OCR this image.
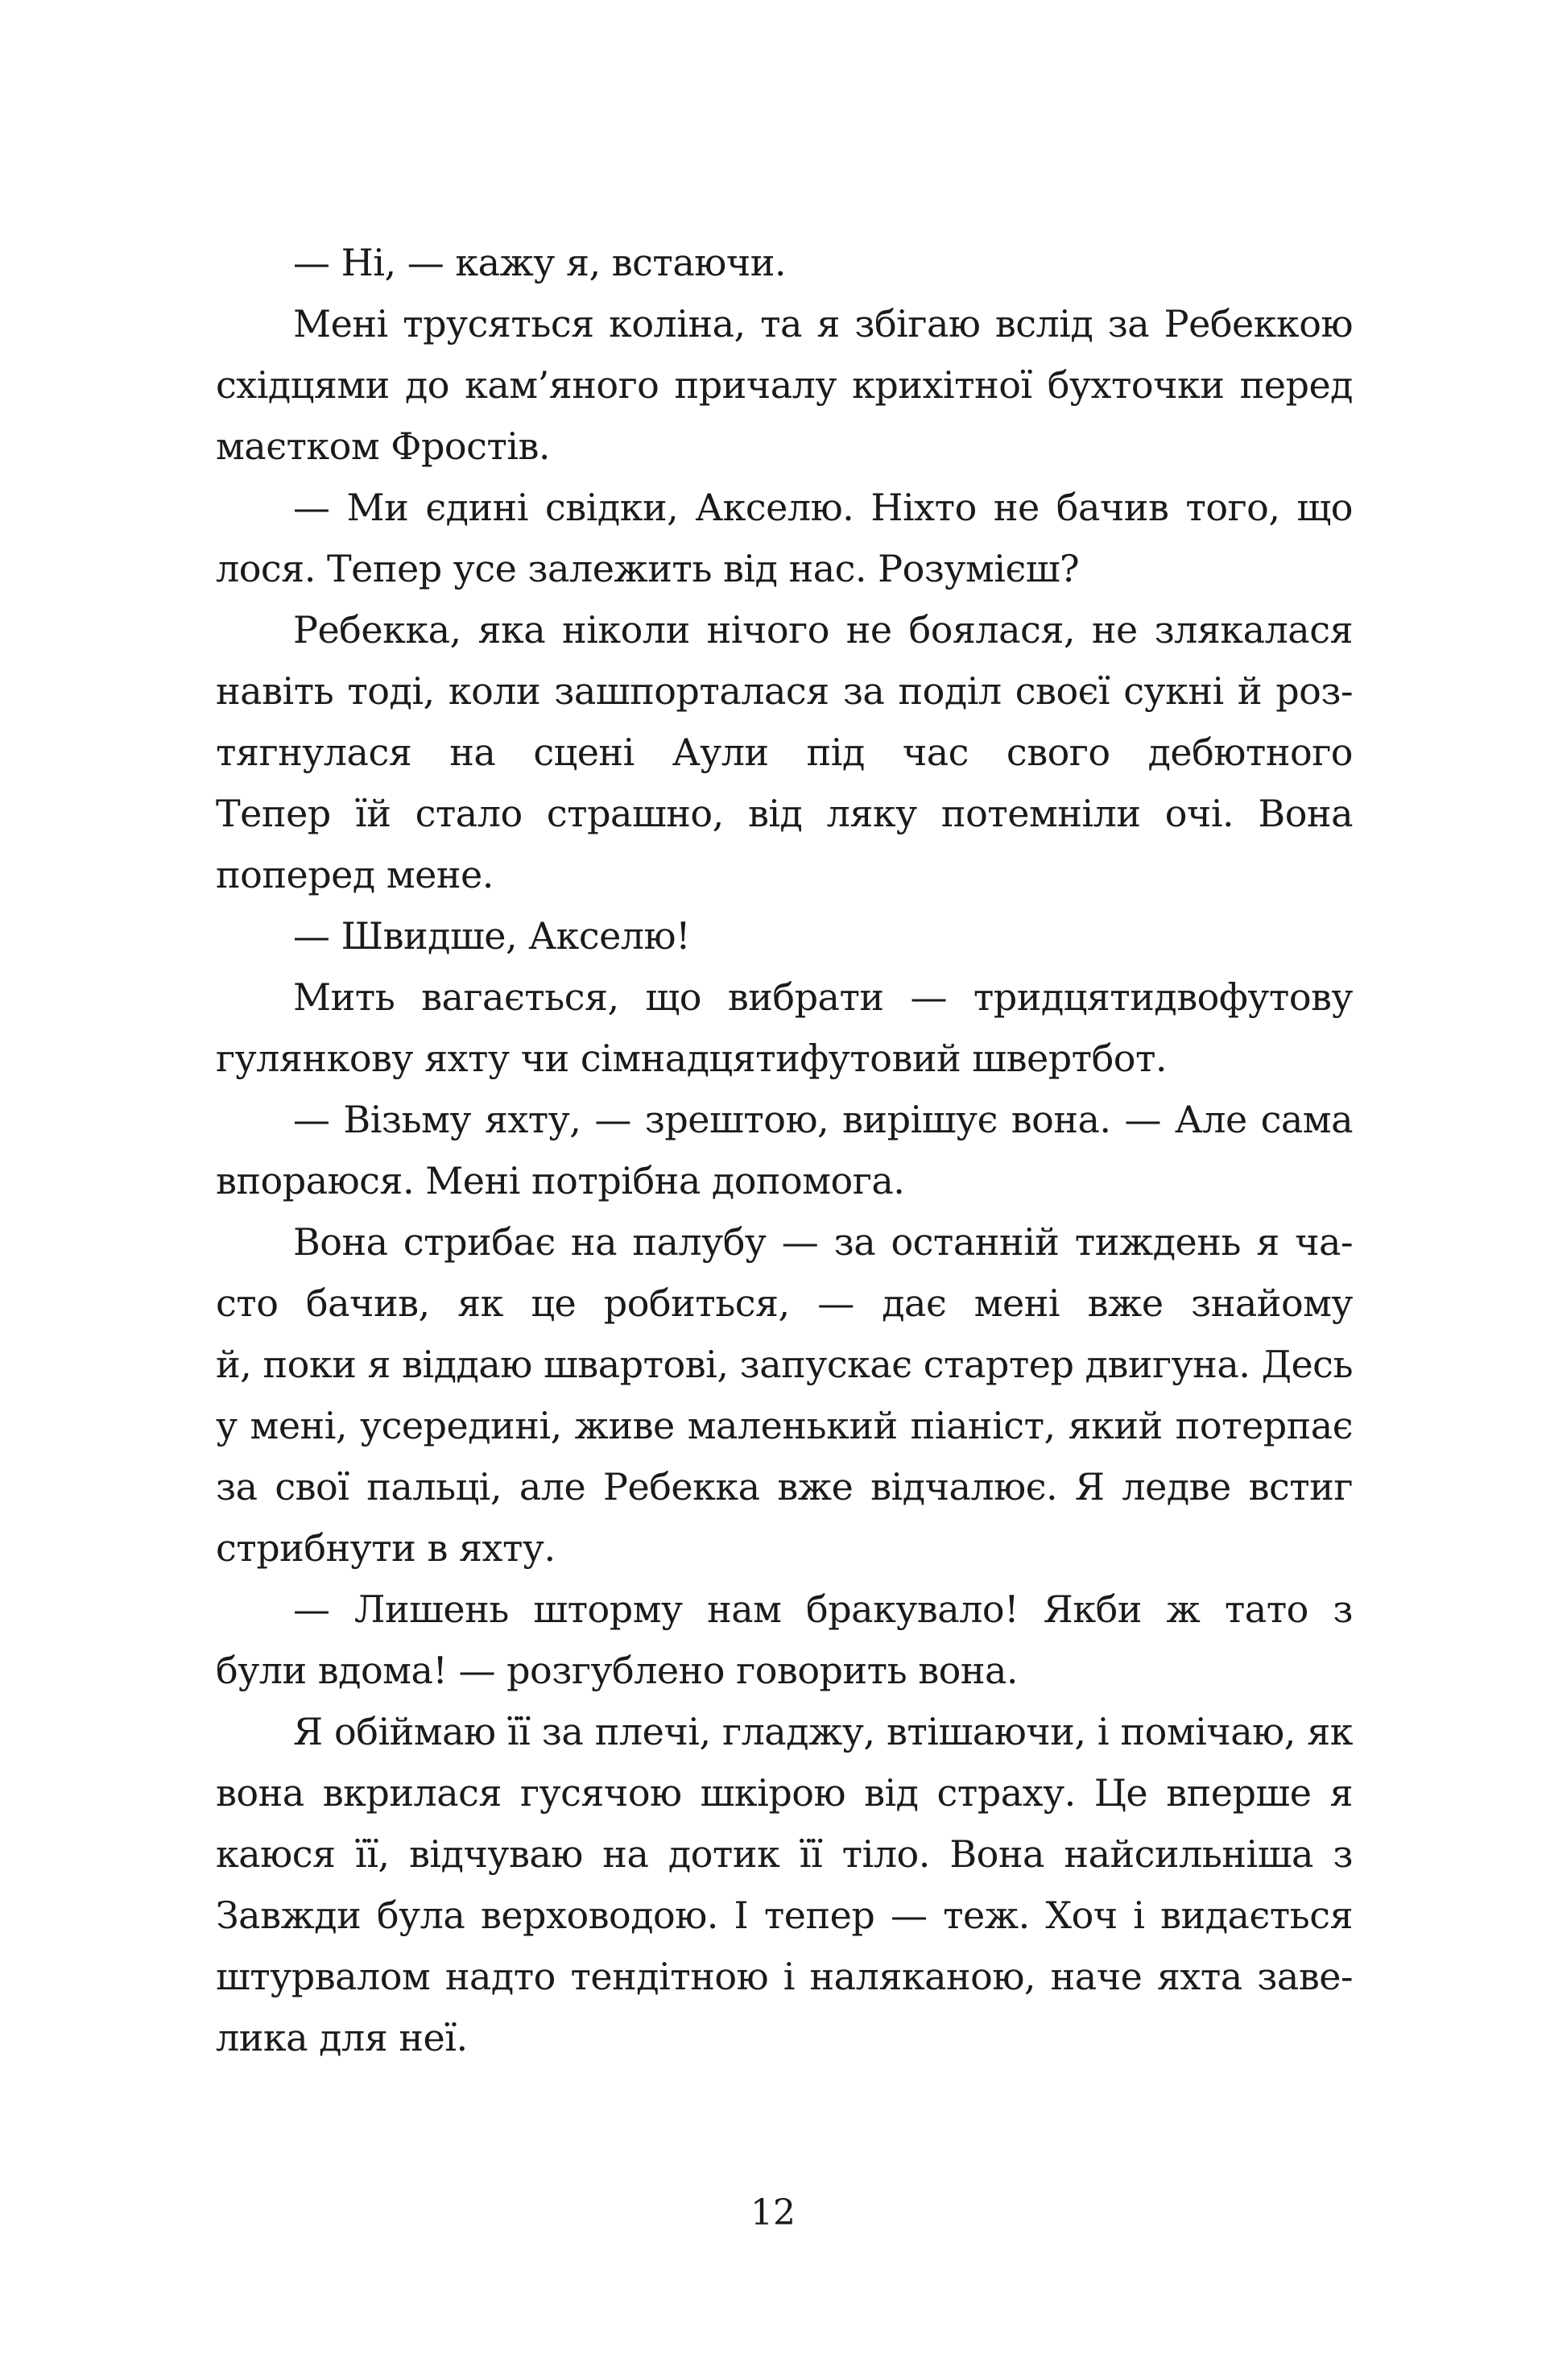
— Ні, — кажу я, встаючи.
Мені трусяться коліна, та я збігаю вслід за Ребеккою
східцями до кам’яного причалу крихітної бухточки перед
маєтком Фростів.
— Ми єдині свідки, Акселю. Ніхто не бачив того, що
лося. Тепер усе залежить від нас. Розумієш?
Ребекка, яка ніколи нічого не боялася, не злякалася
навіть тоді, коли зашпорталася за поділ своєї сукні й роз-
тягнулася на сцені Аули під час свого дебютного
Тепер їй стало страшно, від ляку потемніли очі. Вона
поперед мене.
— Швидше, Акселю!
Мить вагається, що вибрати — тридцятидвофутову
гулянкову яхту чи сімнадцятифутовий швертбот.
— Візьму яхту, — зрештою, вирішує вона. — Але сама
впораюся. Мені потрібна допомога.
Вона стрибає на палубу — за останній тиждень я ча-
сто бачив, як це робиться, — дає мені вже знайому
й, поки я віддаю швартові, запускає стартер двигуна. Десь
у мені, усередині, живе маленький піаніст, який потерпає
за свої пальці, але Ребекка вже відчалює. Я ледве встиг
стрибнути в яхту.
— Лишень шторму нам бракувало! Якби ж тато з
були вдома! — розгублено говорить вона.
Я обіймаю її за плечі, гладжу, втішаючи, і помічаю, як
вона вкрилася гусячою шкірою від страху. Це вперше я
каюся її, відчуваю на дотик її тіло. Вона найсильніша з
Завжди була верховодою. І тепер — теж. Хоч і видається
штурвалом надто тендітною і наляканою, наче яхта заве-
лика для неї.
12
